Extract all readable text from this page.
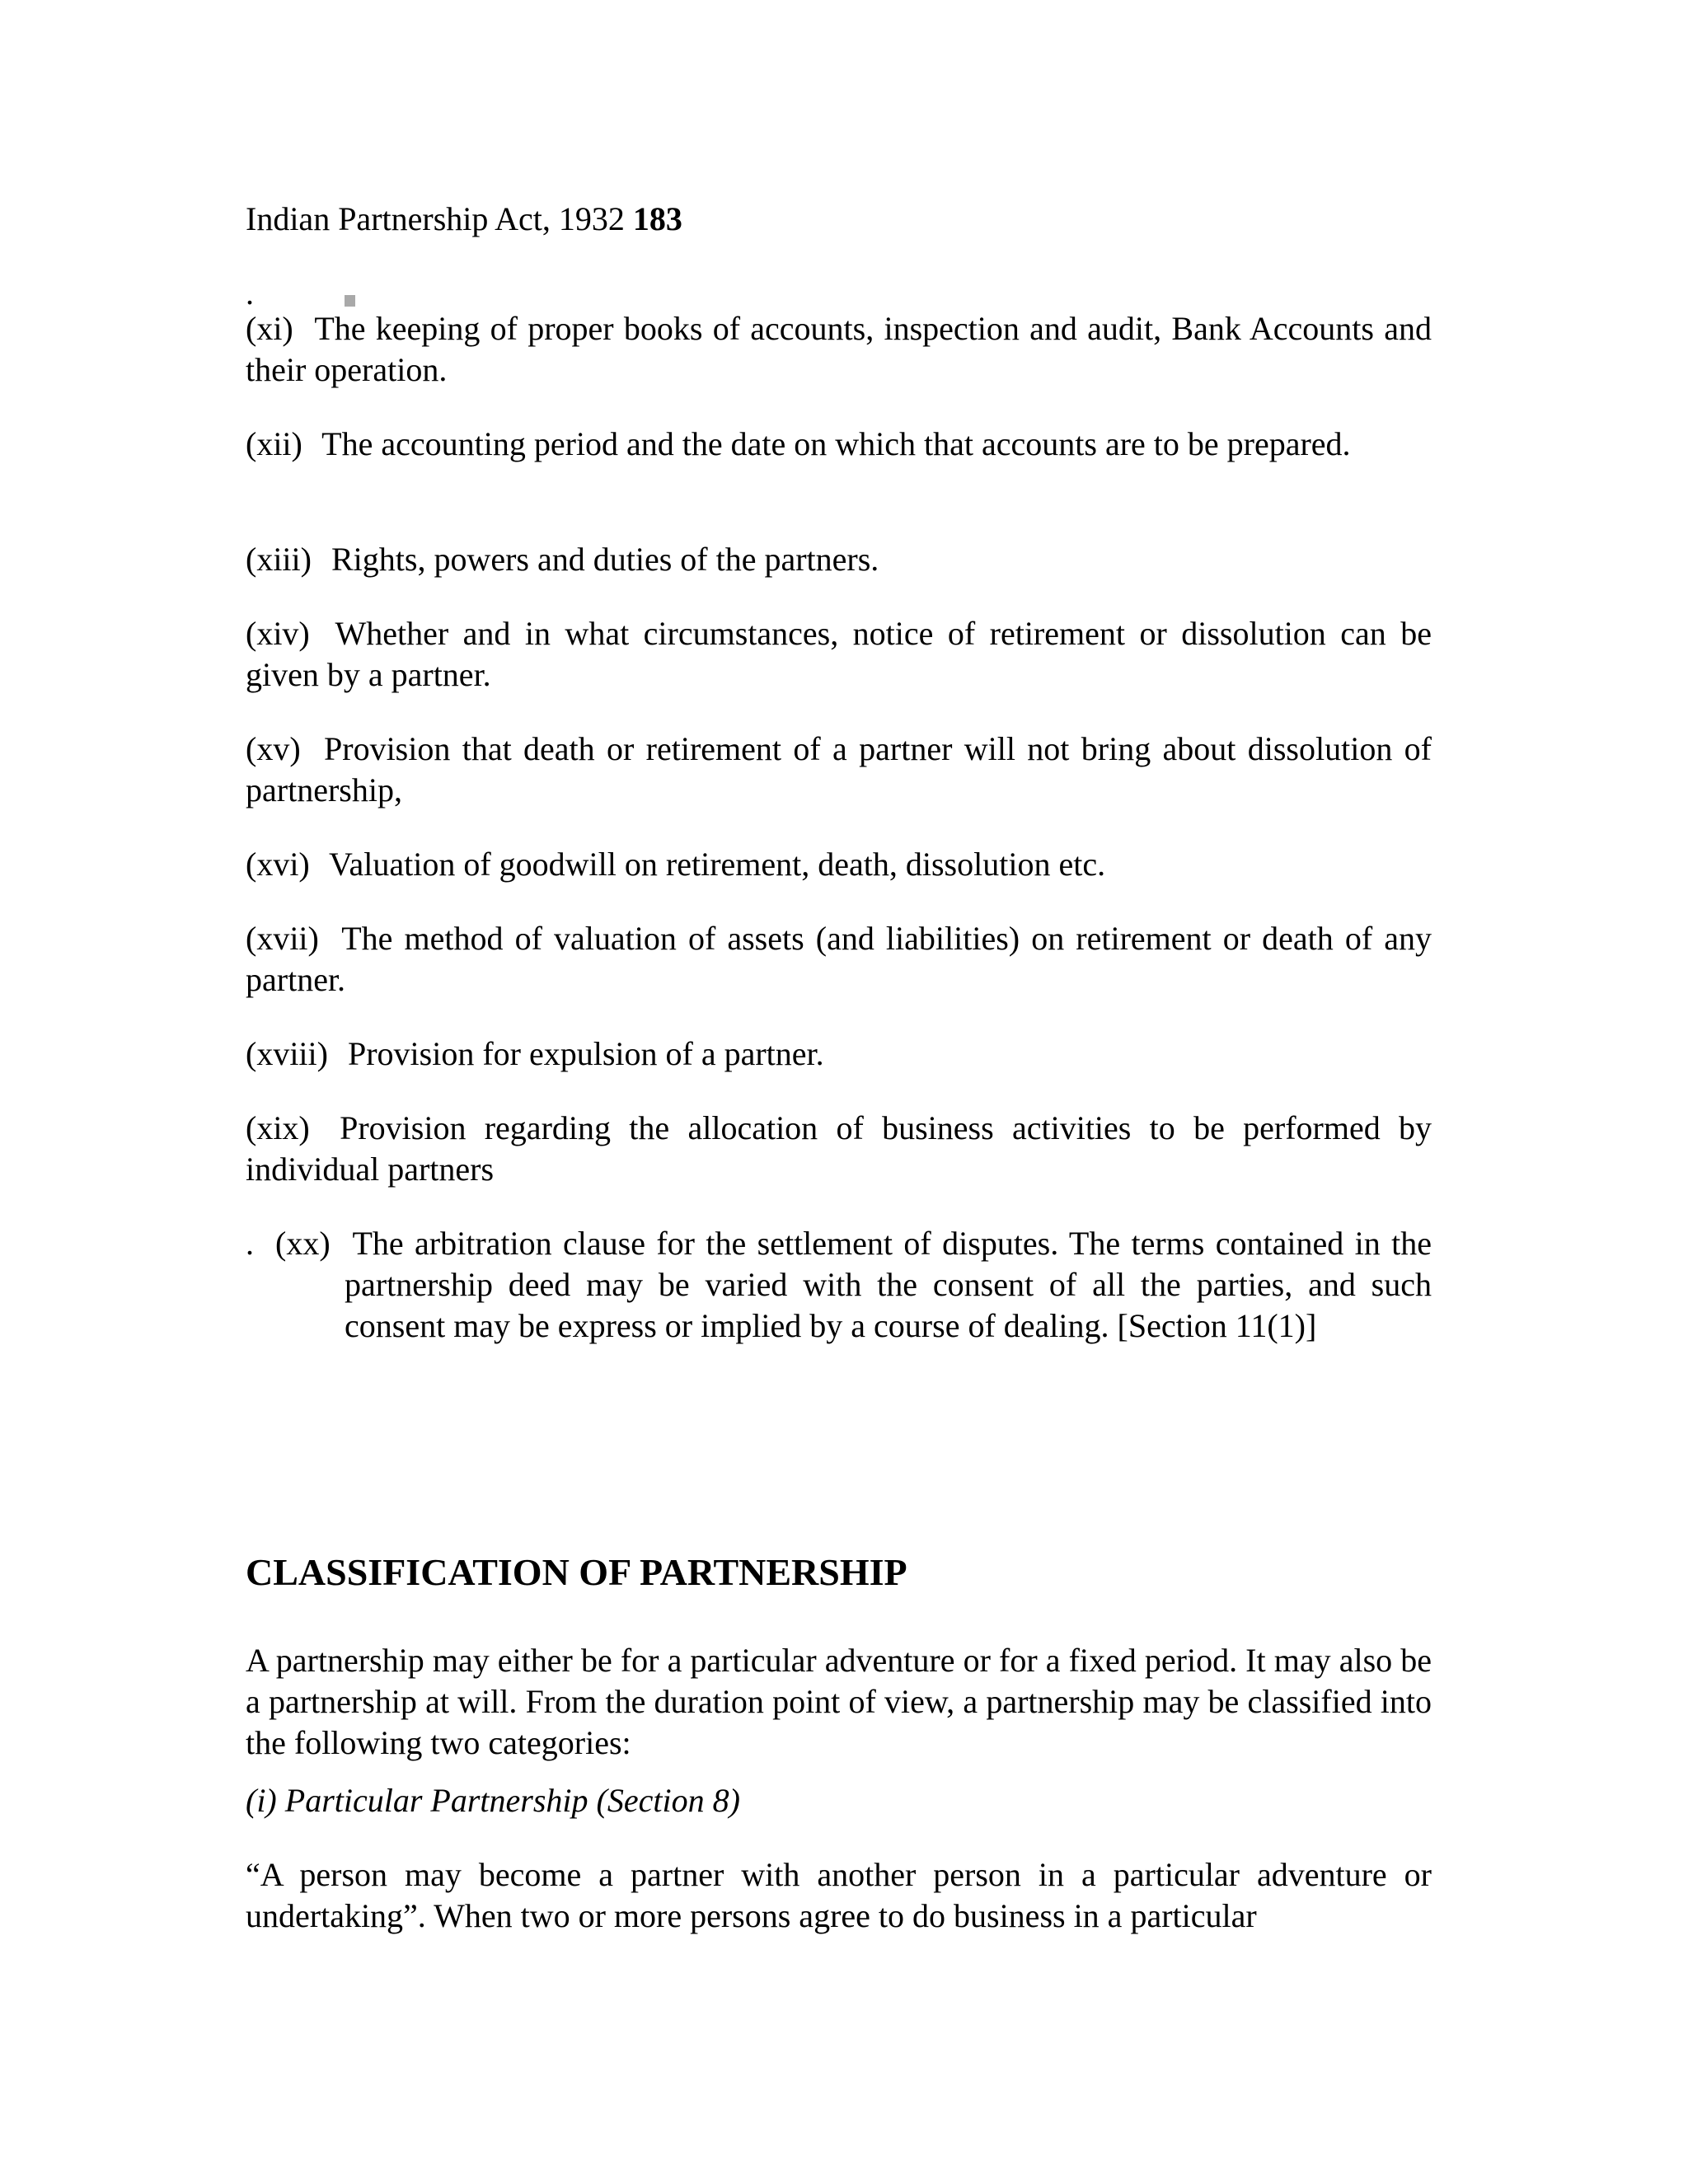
Indian Partnership Act, 1932 183
.

(xi) The keeping of proper books of accounts, inspection and audit, Bank Accounts and their operation.

(xii) The accounting period and the date on which that accounts are to be prepared.

(xiii) Rights, powers and duties of the partners.

(xiv) Whether and in what circumstances, notice of retirement or dissolution can be given by a partner.

(xv) Provision that death or retirement of a partner will not bring about dissolution of partnership,

(xvi) Valuation of goodwill on retirement, death, dissolution etc.

(xvii) The method of valuation of assets (and liabilities) on retirement or death of any partner.

(xviii) Provision for expulsion of a partner.

(xix) Provision regarding the allocation of business activities to be performed by individual partners

. (xx) The arbitration clause for the settlement of disputes. The terms contained in the partnership deed may be varied with the consent of all the parties, and such consent may be express or implied by a course of dealing. [Section 11(1)]
CLASSIFICATION OF PARTNERSHIP

A partnership may either be for a particular adventure or for a fixed period. It may also be a partnership at will. From the duration point of view, a partnership may be classified into the following two categories:

(i) Particular Partnership (Section 8)

“A person may become a partner with another person in a particular adventure or undertaking”. When two or more persons agree to do business in a particular
